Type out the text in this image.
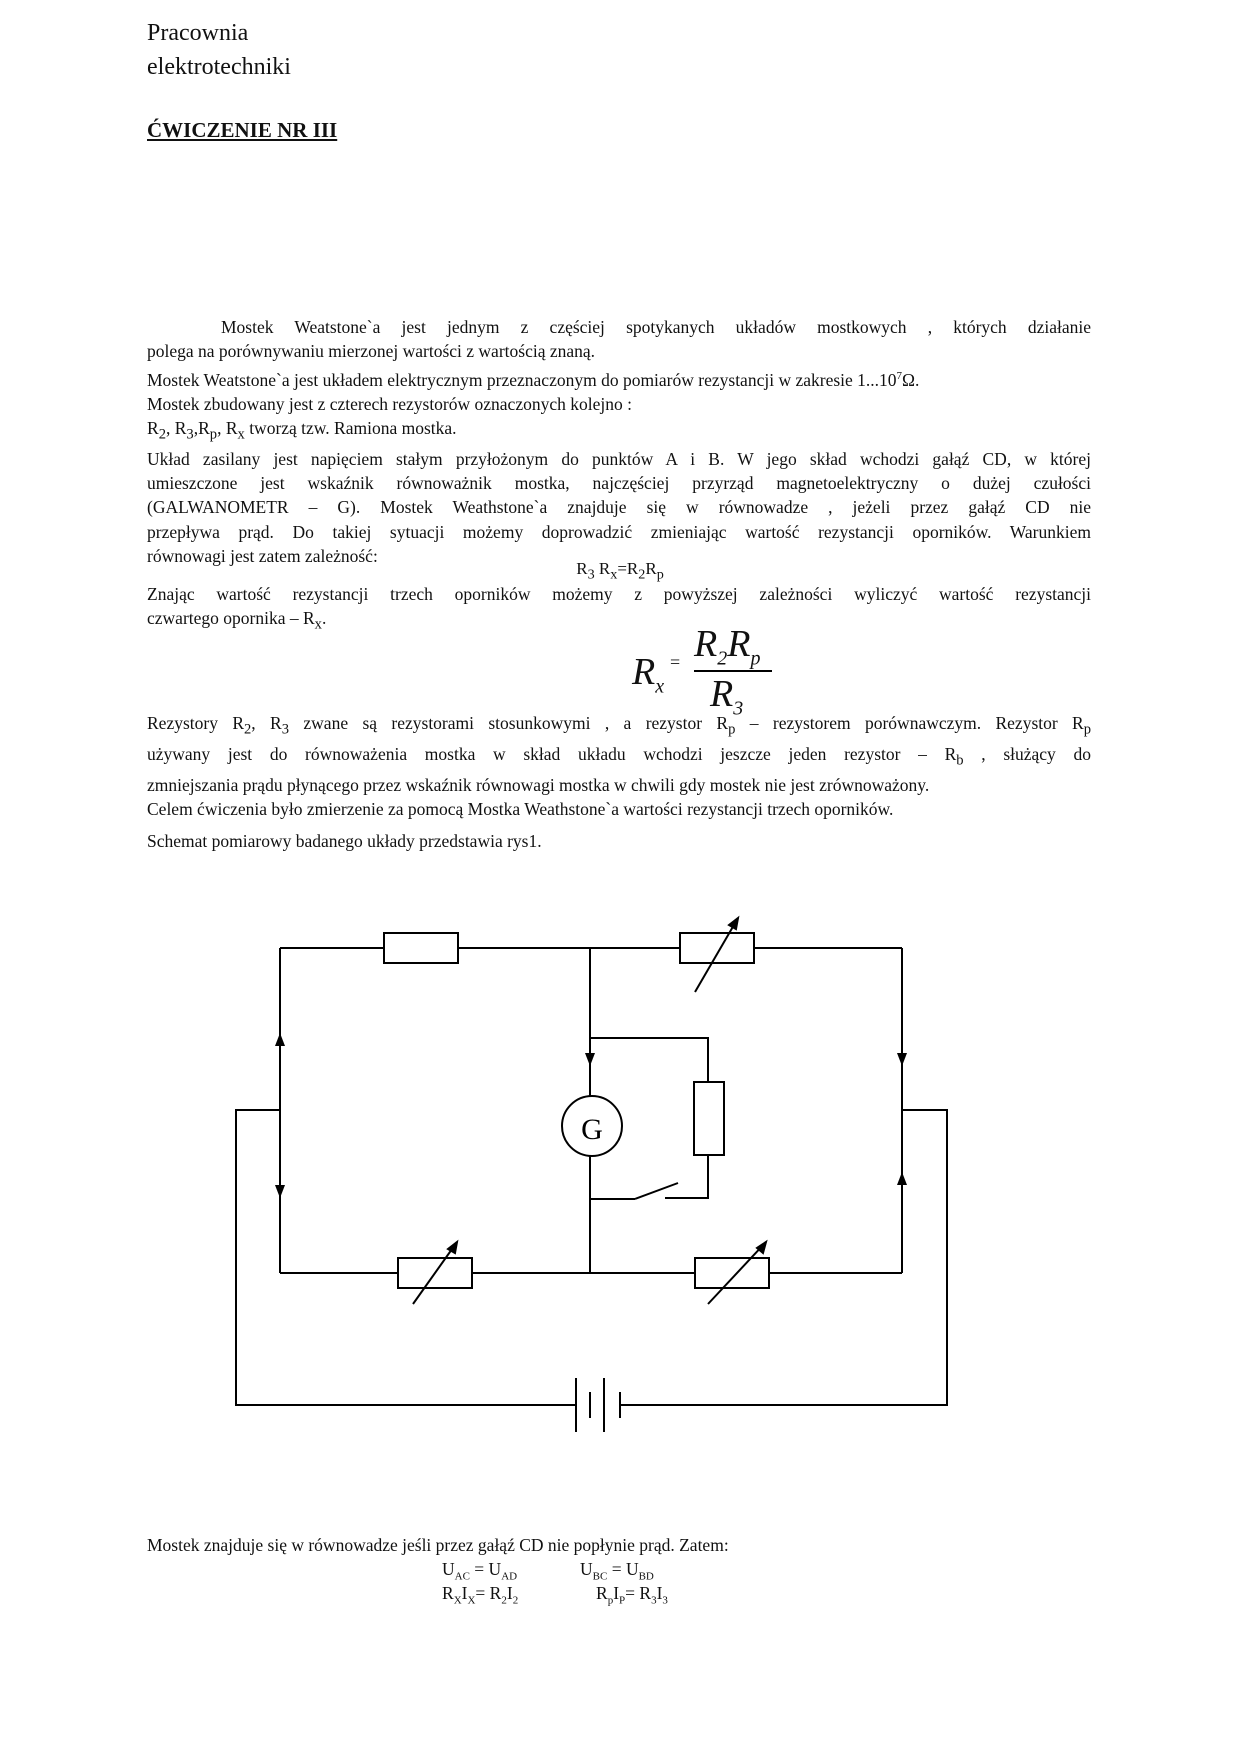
Pracownia
elektrotechniki
ĆWICZENIE NR III

Mostek Weatstone`a jest jednym z częściej spotykanych układów mostkowych , których działanie

polega na porównywaniu mierzonej wartości z wartością znaną.

Mostek Weatstone`a jest układem elektrycznym przeznaczonym do pomiarów rezystancji w zakresie 1...10$^7$Ω.

Mostek zbudowany jest z czterech rezystorów oznaczonych kolejno :

$R_2$, $R_3,R_p$, $R_x$ tworzą tzw. Ramiona mostka.

Układ zasilany jest napięciem stałym przyłożonym do punktów A i B. W jego skład wchodzi gałąź CD, w której

umieszczone jest wskaźnik równoważnik mostka, najczęściej przyrząd magnetoelektryczny o dużej czułości

(GALWANOMETR – G). Mostek Weathstone`a znajduje się w równowadze , jeżeli przez gałąź CD nie

przepływa prąd. Do takiej sytuacji możemy doprowadzić zmieniając wartość rezystancji oporników. Warunkiem

równowagi jest zatem zależność:

$R_3$ $R_x=R_2R_p$

Znając wartość rezystancji trzech oporników możemy z powyższej zależności wyliczyć wartość rezystancji

czwartego opornika – $R_x$.

$R_x$
= $R_2R_p$
$R_3$

Rezystory $R_2$, $R_3$ zwane są rezystorami stosunkowymi , a rezystor $R_p$ – rezystorem porównawczym. Rezystor $R_p$

używany jest do równoważenia mostka w skład układu wchodzi jeszcze jeden rezystor – $R_b$ , służący do

zmniejszania prądu płynącego przez wskaźnik równowagi mostka w chwili gdy mostek nie jest zrównoważony.

Celem ćwiczenia było zmierzenie za pomocą Mostka Weathstone`a wartości rezystancji trzech oporników.

Schemat pomiarowy badanego układy przedstawia rys1.
G
Mostek znajduje się w równowadze jeśli przez gałąź CD nie popłynie prąd. Zatem:
$U_{AC} = U_{AD}$	$U_{BC} = U_{BD}$
$R_XI_X= R_2I_2$	$R_pI_P= R_3I_3$
